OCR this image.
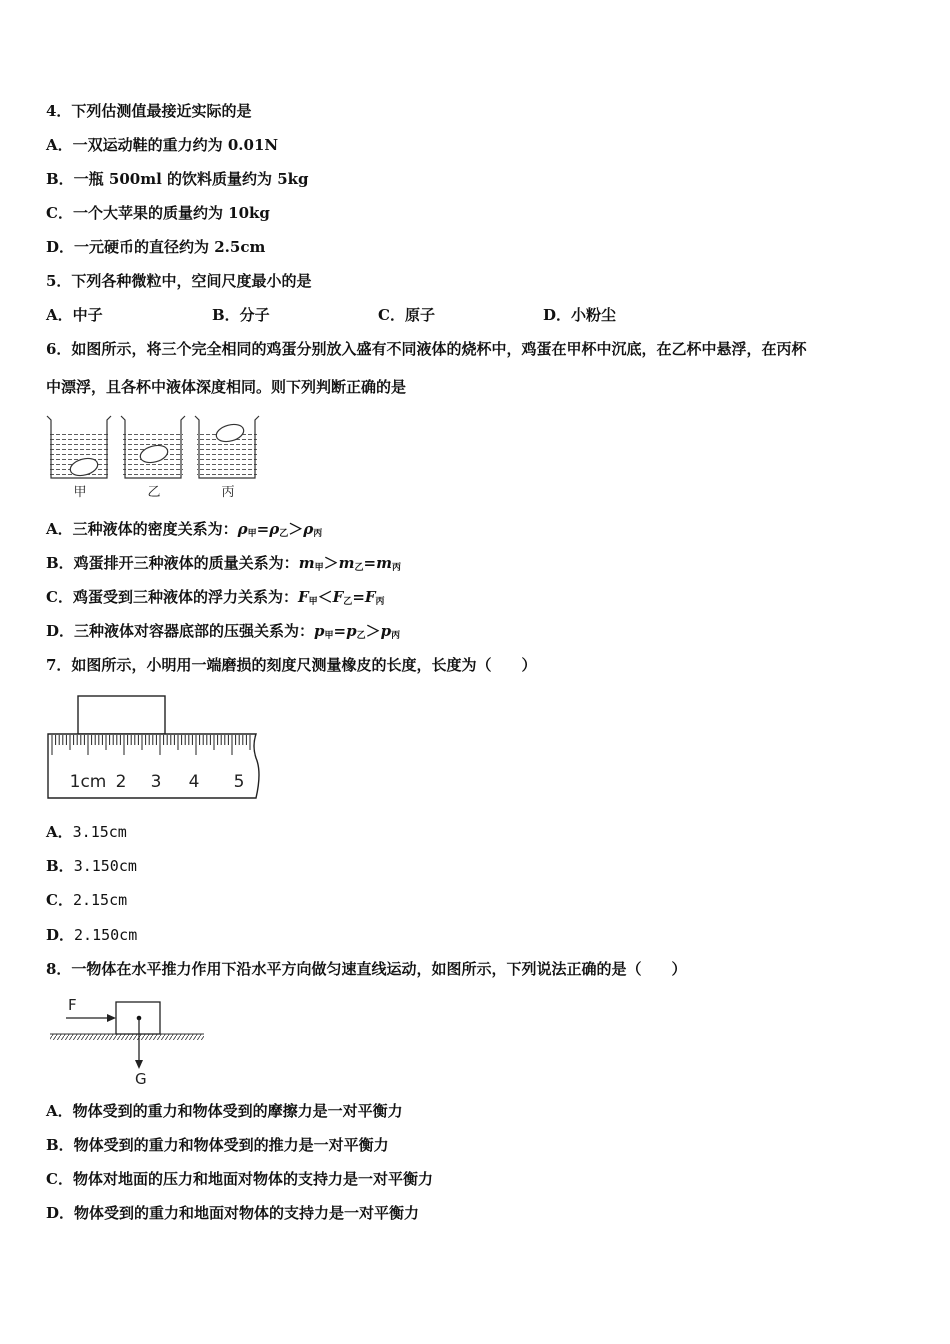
4．下列估测值最接近实际的是
A．一双运动鞋的重力约为 0.01N
B．一瓶 500ml 的饮料质量约为 5kg
C．一个大苹果的质量约为 10kg
D．一元硬币的直径约为 2.5cm
5．下列各种微粒中，空间尺度最小的是
A．中子	B．分子	C．原子	D．小粉尘
6．如图所示，将三个完全相同的鸡蛋分别放入盛有不同液体的烧杯中，鸡蛋在甲杯中沉底，在乙杯中悬浮，在丙杯
中漂浮，且各杯中液体深度相同。则下列判断正确的是
甲	乙	丙
A．三种液体的密度关系为：$\rho_甲=\rho_乙>\rho_丙$
B．鸡蛋排开三种液体的质量关系为：$m_甲>m_乙=m_丙$
C．鸡蛋受到三种液体的浮力关系为：$F_甲<F_乙=F_丙$
D．三种液体对容器底部的压强关系为：$p_甲=p_乙>p_丙$
7．如图所示，小明用一端磨损的刻度尺测量橡皮的长度，长度为（　　）
1cm 2 3 4 5
A．3.15cm
B．3.150cm
C．2.15cm
D．2.150cm
8．一物体在水平推力作用下沿水平方向做匀速直线运动，如图所示，下列说法正确的是（　　）
F
G
A．物体受到的重力和物体受到的摩擦力是一对平衡力
B．物体受到的重力和物体受到的推力是一对平衡力
C．物体对地面的压力和地面对物体的支持力是一对平衡力
D．物体受到的重力和地面对物体的支持力是一对平衡力
